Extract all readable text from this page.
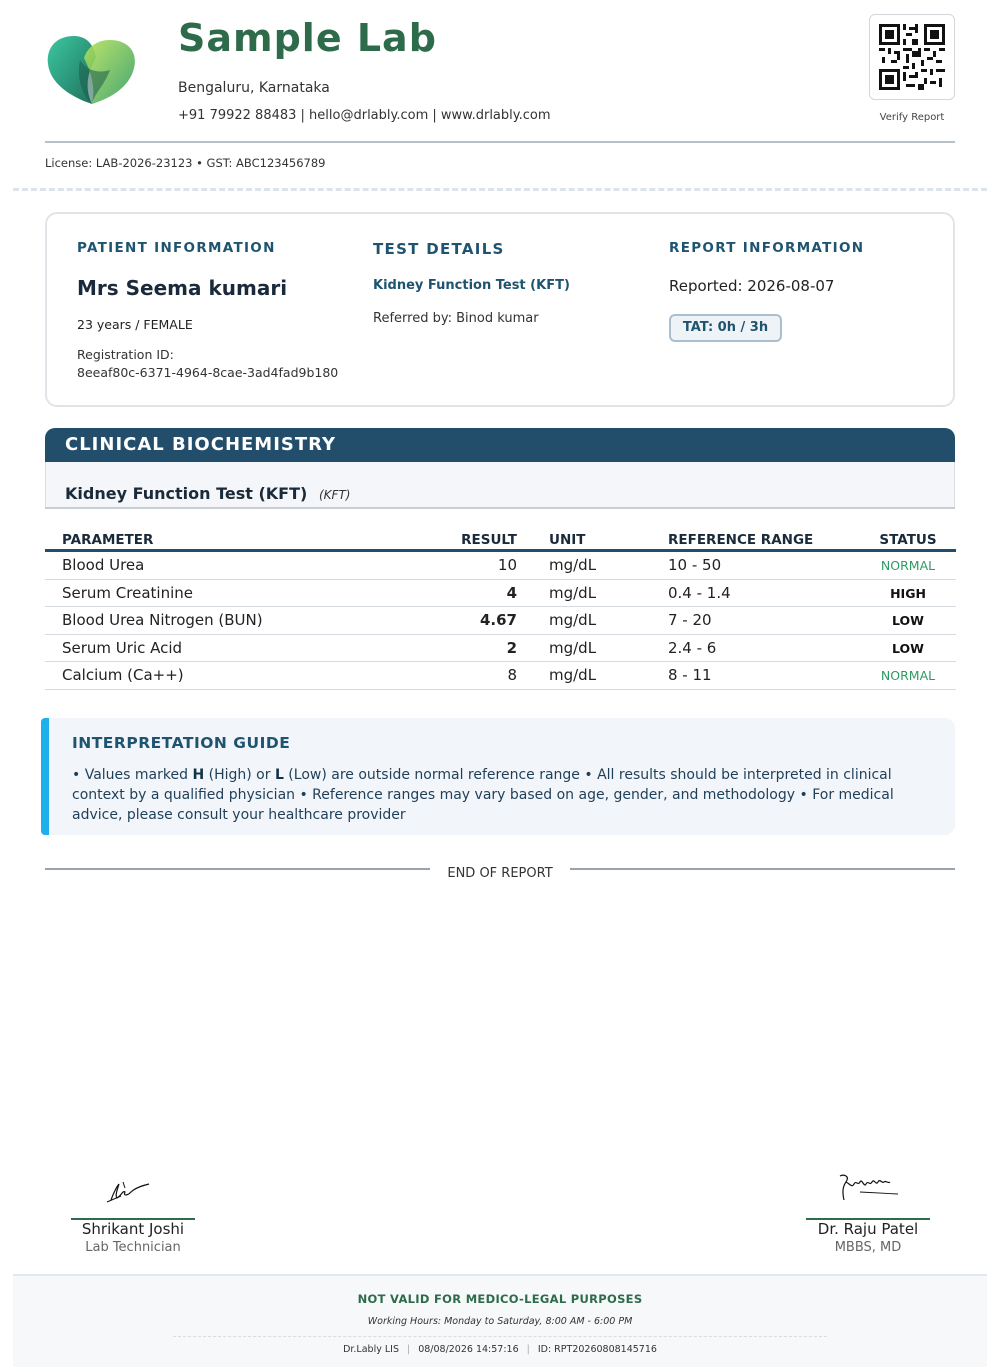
Sample Lab
Bengaluru, Karnataka
+91 79922 88483 | hello@drlably.com | www.drlably.com	Verify Report
License: LAB-2026-23123 • GST: ABC123456789
PATIENT INFORMATION
Mrs Seema kumari
23 years / FEMALE
Registration ID:
8eeaf80c-6371-4964-8cae-3ad4fad9b180
TEST DETAILS
Kidney Function Test (KFT)
Referred by: Binod kumar
REPORT INFORMATION
Reported: 2026-08-07
TAT: 0h / 3h
CLINICAL BIOCHEMISTRY
Kidney Function Test (KFT) (KFT)
PARAMETER	RESULT UNIT	REFERENCE RANGE	STATUS
Blood Urea	10 mg/dL	10 - 50	NORMAL
Serum Creatinine	4 mg/dL	0.4 - 1.4	HIGH
Blood Urea Nitrogen (BUN)	4.67 mg/dL	7 - 20	LOW
Serum Uric Acid	2 mg/dL	2.4 - 6	LOW
Calcium (Ca++)	8 mg/dL	8 - 11	NORMAL
INTERPRETATION GUIDE
• Values marked H (High) or L (Low) are outside normal reference range • All results should be interpreted in clinical context by a qualified physician • Reference ranges may vary based on age, gender, and methodology • For medical advice, please consult your healthcare provider
END OF REPORT
Shrikant Joshi
Lab Technician
Dr. Raju Patel
MBBS, MD
NOT VALID FOR MEDICO-LEGAL PURPOSES
Working Hours: Monday to Saturday, 8:00 AM - 6:00 PM
Dr.Lably LIS | 08/08/2026 14:57:16 | ID: RPT20260808145716
